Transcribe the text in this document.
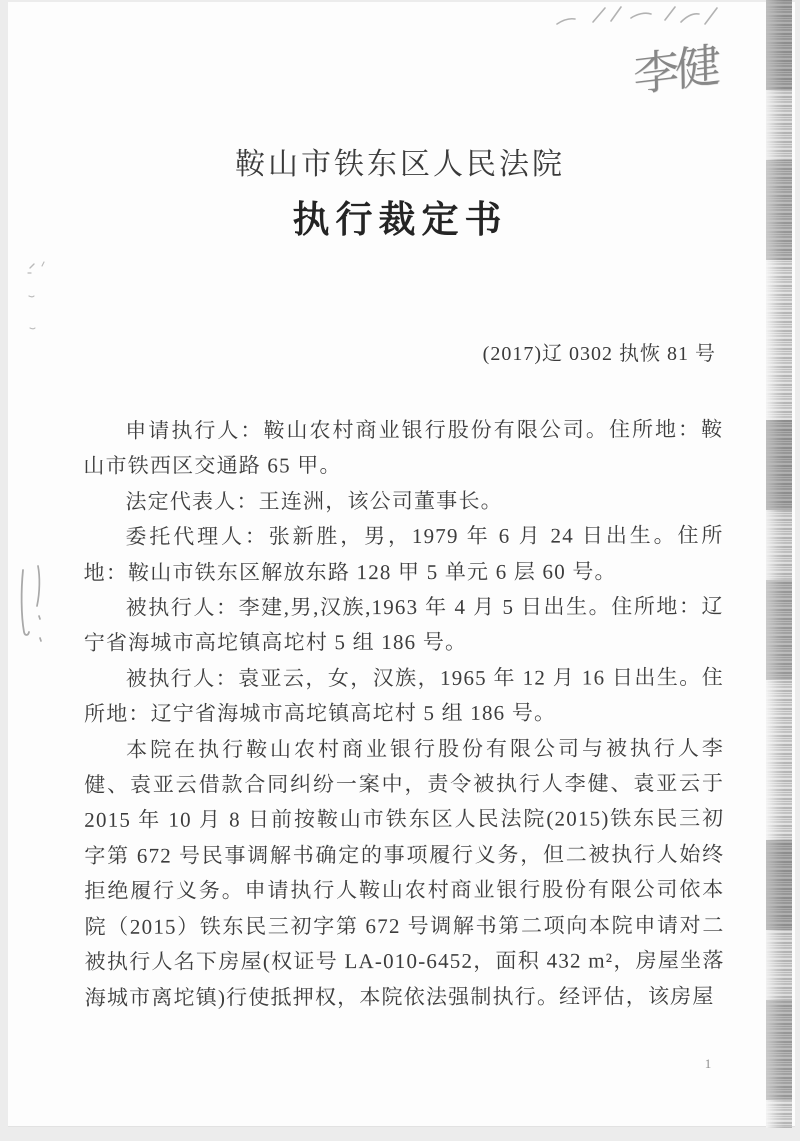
李健
鞍山市铁东区人民法院
执行裁定书
(2017)辽 0302 执恢 81 号

申请执行人：鞍山农村商业银行股份有限公司。住所地：鞍山市铁西区交通路 65 甲。

法定代表人：王连洲，该公司董事长。

委托代理人：张新胜，男，1979 年 6 月 24 日出生。住所地：鞍山市铁东区解放东路 128 甲 5 单元 6 层 60 号。

被执行人：李建,男,汉族,1963 年 4 月 5 日出生。住所地：辽宁省海城市高坨镇高坨村 5 组 186 号。

被执行人：袁亚云，女，汉族，1965 年 12 月 16 日出生。住所地：辽宁省海城市高坨镇高坨村 5 组 186 号。

本院在执行鞍山农村商业银行股份有限公司与被执行人李健、袁亚云借款合同纠纷一案中，责令被执行人李健、袁亚云于 2015 年 10 月 8 日前按鞍山市铁东区人民法院(2015)铁东民三初字第 672 号民事调解书确定的事项履行义务，但二被执行人始终拒绝履行义务。申请执行人鞍山农村商业银行股份有限公司依本院（2015）铁东民三初字第 672 号调解书第二项向本院申请对二被执行人名下房屋(权证号 LA-010-6452，面积 432 m²，房屋坐落海城市离坨镇)行使抵押权，本院依法强制执行。经评估，该房屋

1
